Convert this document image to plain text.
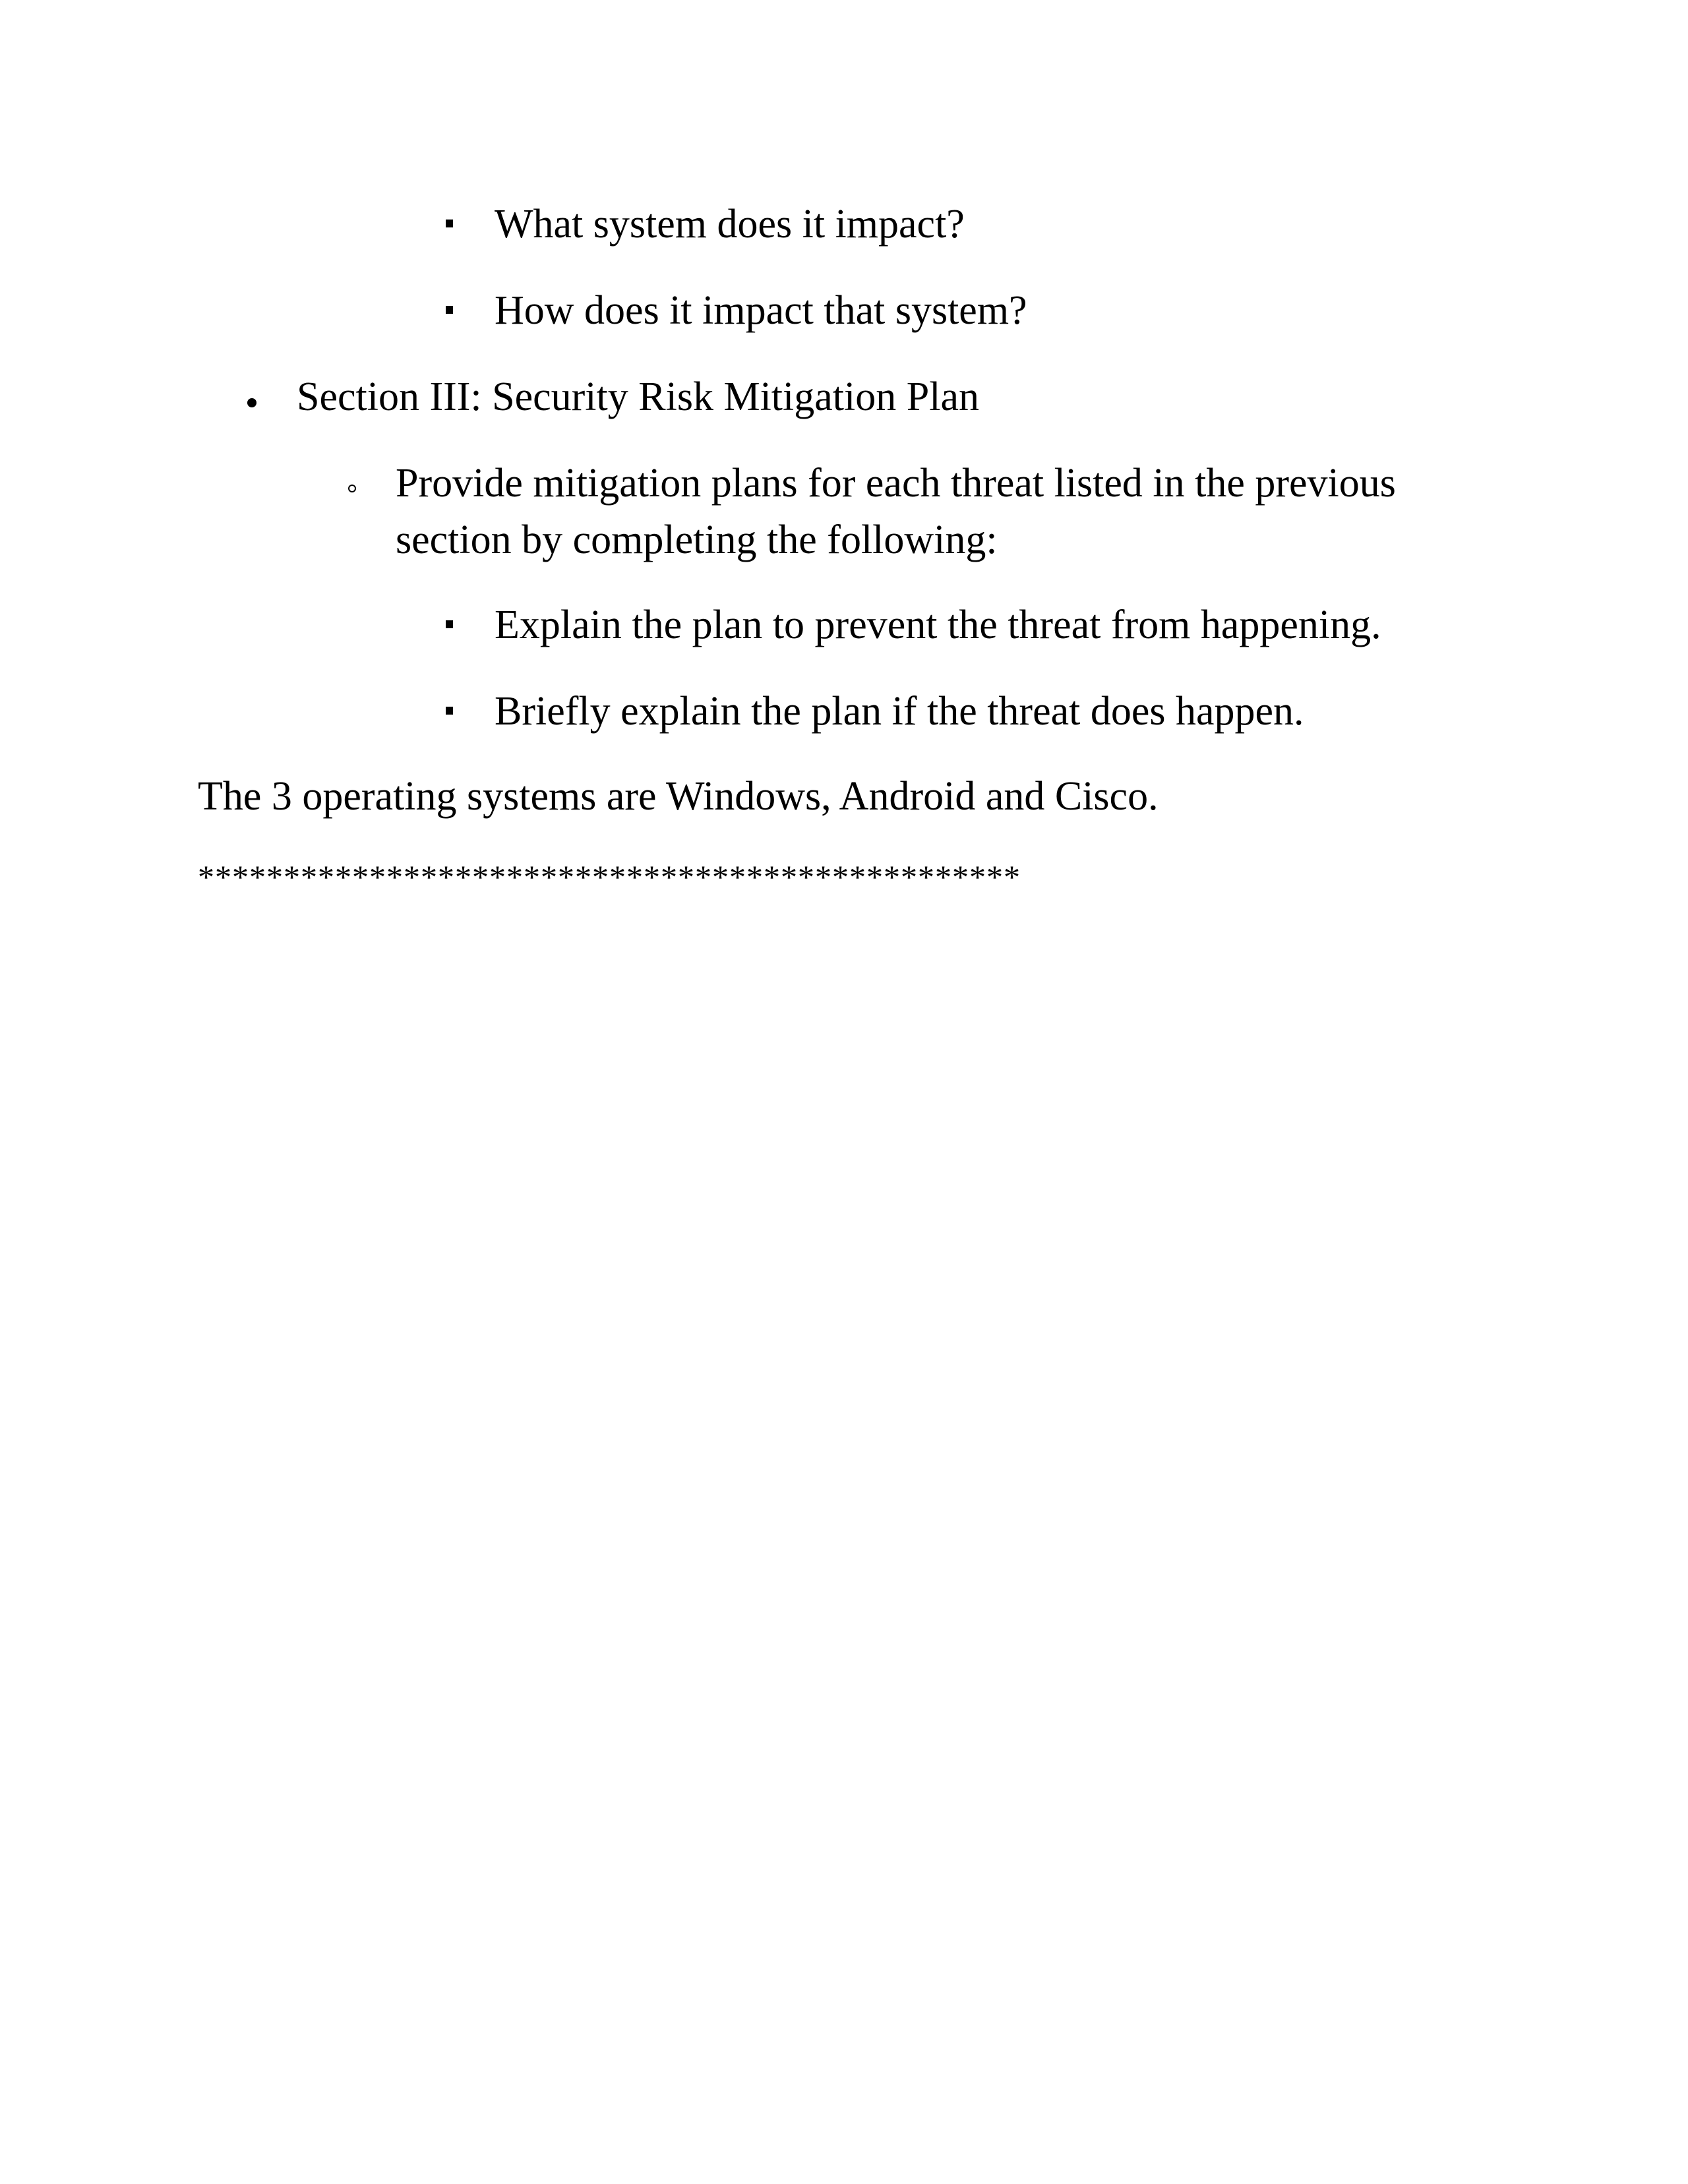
What system does it impact?
How does it impact that system?
Section III: Security Risk Mitigation Plan
Provide mitigation plans for each threat listed in the previous
section by completing the following:
Explain the plan to prevent the threat from happening.
Briefly explain the plan if the threat does happen.
The 3 operating systems are Windows, Android and Cisco.
************************************************
